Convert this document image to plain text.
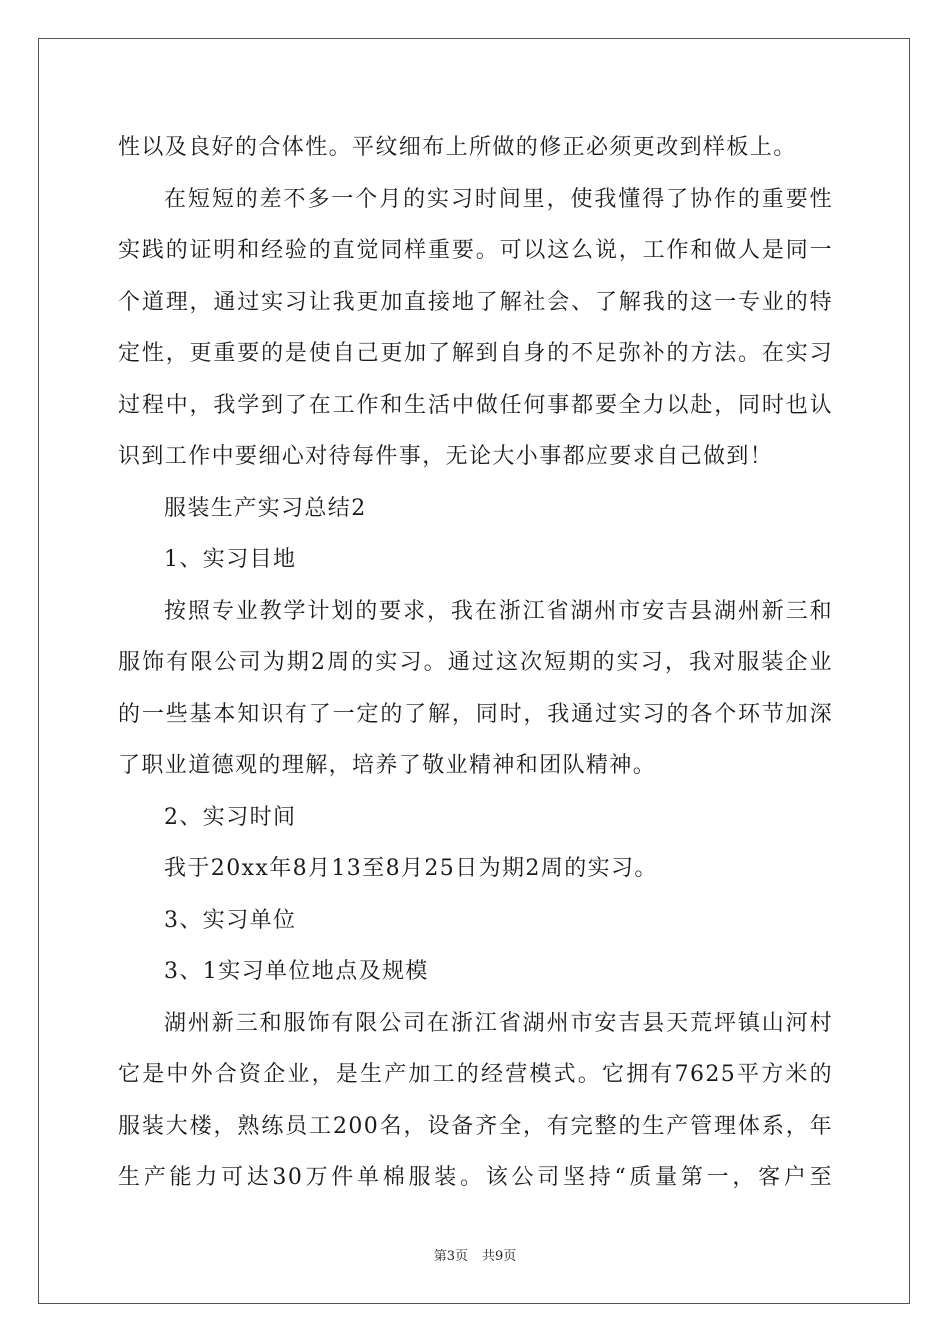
性以及良好的合体性。平纹细布上所做的修正必须更改到样板上。
在短短的差不多一个月的实习时间里，使我懂得了协作的重要性
实践的证明和经验的直觉同样重要。可以这么说，工作和做人是同一
个道理，通过实习让我更加直接地了解社会、了解我的这一专业的特
定性，更重要的是使自己更加了解到自身的不足弥补的方法。在实习
过程中，我学到了在工作和生活中做任何事都要全力以赴，同时也认
识到工作中要细心对待每件事，无论大小事都应要求自己做到！
服装生产实习总结2
1、实习目地
按照专业教学计划的要求，我在浙江省湖州市安吉县湖州新三和
服饰有限公司为期2周的实习。通过这次短期的实习，我对服装企业
的一些基本知识有了一定的了解，同时，我通过实习的各个环节加深
了职业道德观的理解，培养了敬业精神和团队精神。
2、实习时间
我于20xx年8月13至8月25日为期2周的实习。
3、实习单位
3、1实习单位地点及规模
湖州新三和服饰有限公司在浙江省湖州市安吉县天荒坪镇山河村
它是中外合资企业，是生产加工的经营模式。它拥有7625平方米的
服装大楼，熟练员工200名，设备齐全，有完整的生产管理体系，年
生产能力可达30万件单棉服装。该公司坚持“质量第一，客户至
第3页 共9页
